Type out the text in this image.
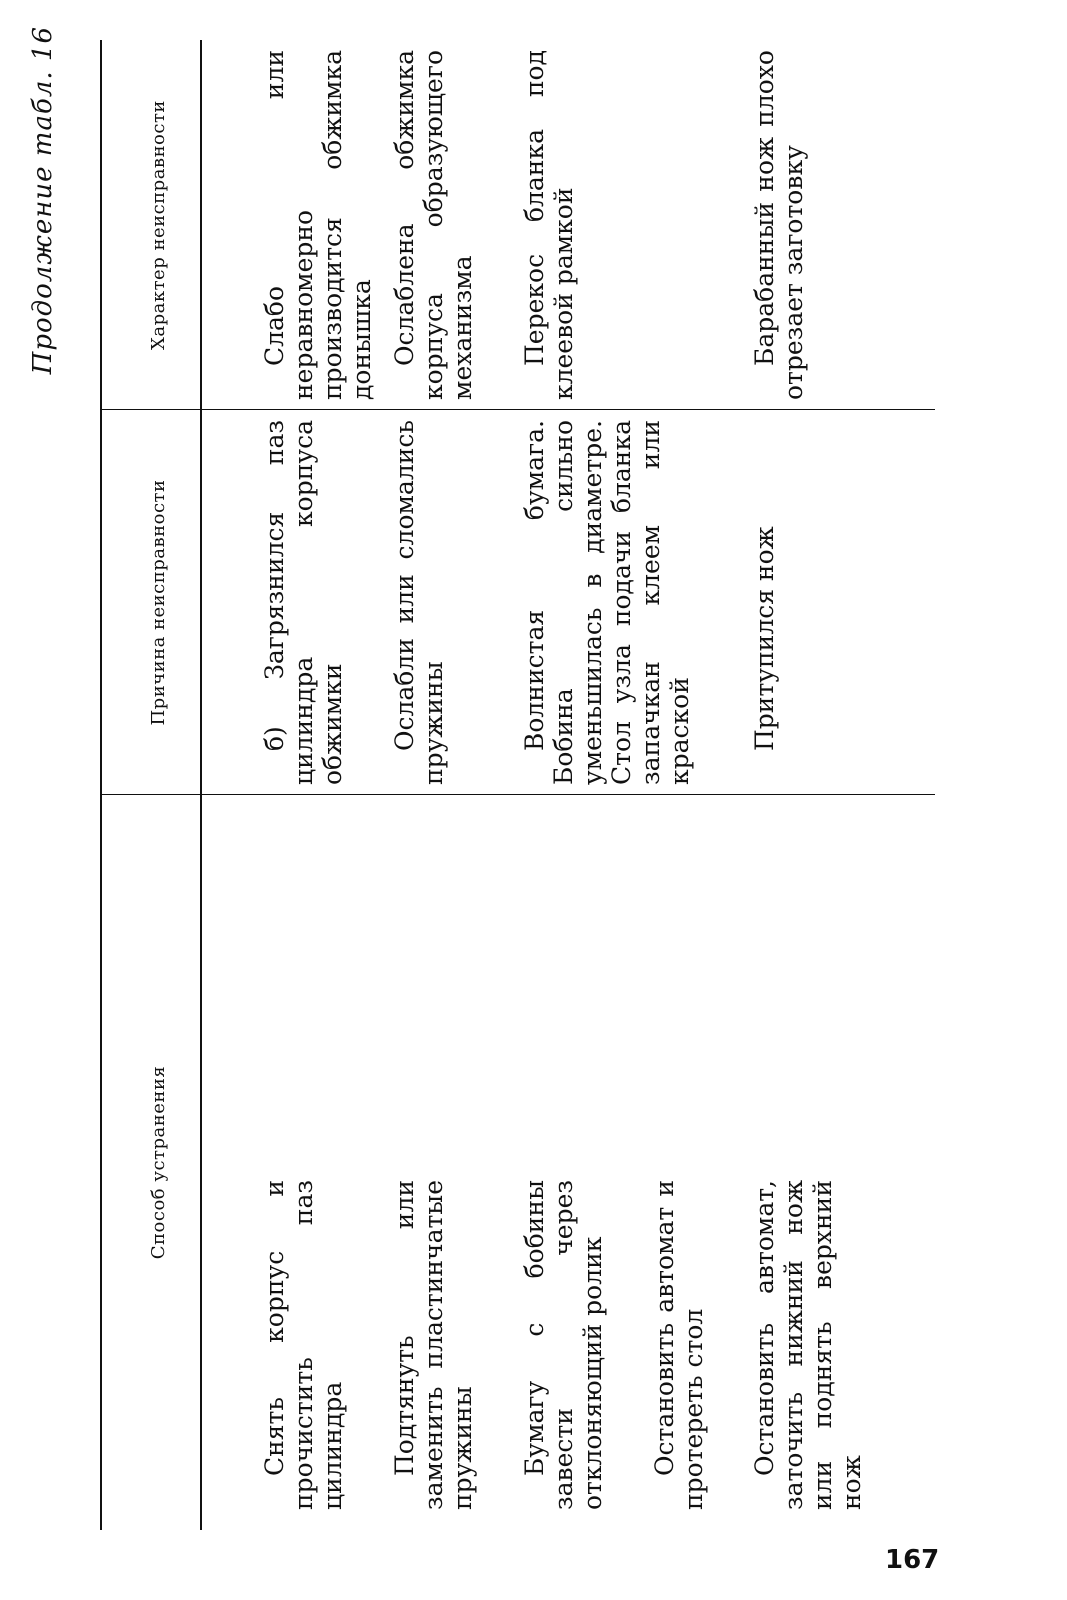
Продолжение табл. 16
Способ устранения
Причина неисправности
Характер неисправности	Слабо или неравномерно производится обжимка донышка
б) Загрязнился паз цилиндра корпуса обжимки
Снять корпус и прочистить паз цилиндра
Ослаблена обжимка корпуса образующего механизма
Ослабли или сломались пружины
Подтянуть или заменить пластинчатые пружины
Перекос бланка под клеевой рамкой
Волнистая бумага. Бобина сильно уменьшилась в диаметре. Стол узла подачи бланка запачкан клеем или краской
Бумагу с бобины завести через отклоняющий ролик Остановить автомат и протереть стол
Барабанный нож плохо отрезает заготовку
Притупился нож
Остановить автомат, заточить нижний нож или поднять верхний нож
167
